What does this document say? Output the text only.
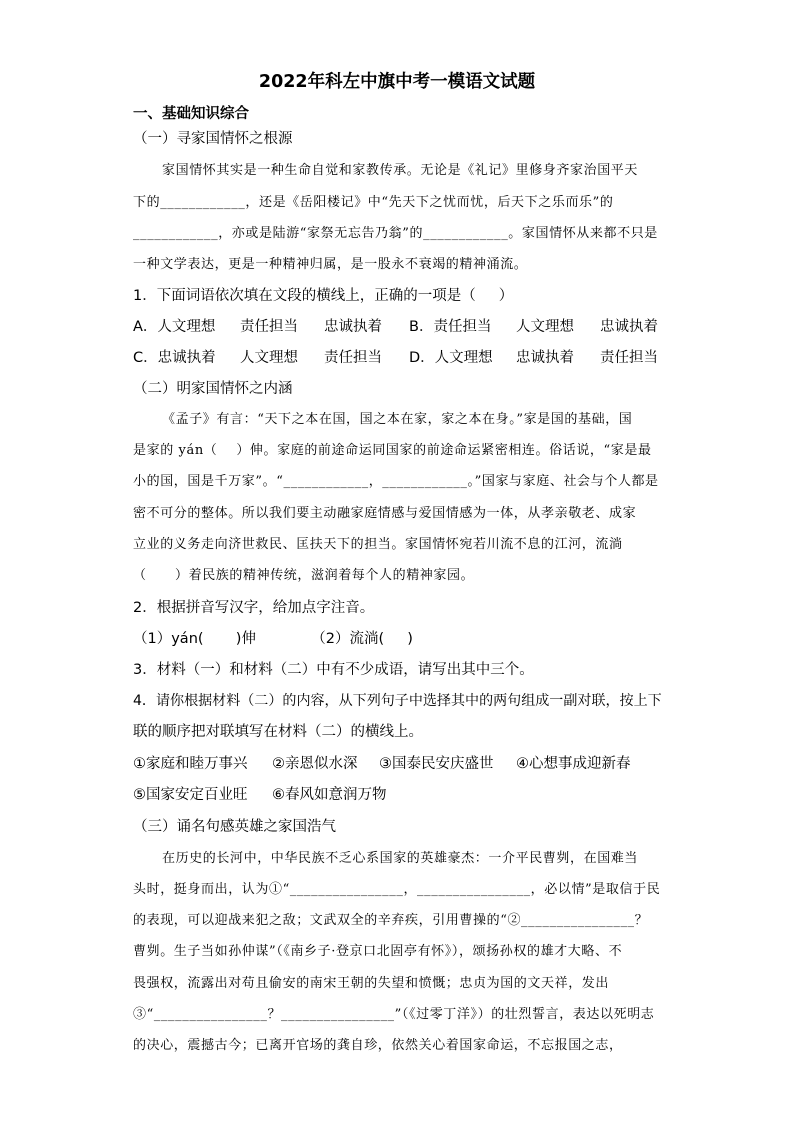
2022年科左中旗中考一模语文试题
一、基础知识综合
（一）寻家国情怀之根源
家国情怀其实是一种生命自觉和家教传承。无论是《礼记》里修身齐家治国平天
下的____________，还是《岳阳楼记》中“先天下之忧而忧，后天下之乐而乐”的
____________，亦或是陆游“家祭无忘告乃翁”的____________。家国情怀从来都不只是
一种文学表达，更是一种精神归属，是一股永不衰竭的精神涌流。
1．下面词语依次填在文段的横线上，正确的一项是（     ）
A．人文理想 责任担当 忠诚执着 B．责任担当 人文理想 忠诚执着
C．忠诚执着 人文理想 责任担当 D．人文理想 忠诚执着 责任担当
（二）明家国情怀之内涵
《孟子》有言：“天下之本在国，国之本在家，家之本在身。”家是国的基础，国
是家的 yán（    ）伸。家庭的前途命运同国家的前途命运紧密相连。俗话说，“家是最
小的国，国是千万家”。“____________，____________。”国家与家庭、社会与个人都是
密不可分的整体。所以我们要主动融家庭情感与爱国情感为一体，从孝亲敬老、成家
立业的义务走向济世救民、匡扶天下的担当。家国情怀宛若川流不息的江河，流淌
（      ）着民族的精神传统，滋润着每个人的精神家园。
2．根据拼音写汉字，给加点字注音。
（1）yán(       )伸            （2）流淌(     )
3．材料（一）和材料（二）中有不少成语，请写出其中三个。
4．请你根据材料（二）的内容，从下列句子中选择其中的两句组成一副对联，按上下
联的顺序把对联填写在材料（二）的横线上。
①家庭和睦万事兴 ②亲恩似水深 ③国泰民安庆盛世 ④心想事成迎新春
⑤国家安定百业旺 ⑥春风如意润万物
（三）诵名句感英雄之家国浩气
在历史的长河中，中华民族不乏心系国家的英雄豪杰：一介平民曹刿，在国难当
头时，挺身而出，认为①“________________，________________，必以情”是取信于民
的表现，可以迎战来犯之敌；文武双全的辛弃疾，引用曹操的“②________________？
曹刿。生子当如孙仲谋”（《南乡子·登京口北固亭有怀》），颂扬孙权的雄才大略、不
畏强权，流露出对苟且偷安的南宋王朝的失望和愤慨；忠贞为国的文天祥，发出
③“________________？________________”（《过零丁洋》）的壮烈誓言，表达以死明志
的决心，震撼古今；已离开官场的龚自珍，依然关心着国家命运，不忘报国之志，
